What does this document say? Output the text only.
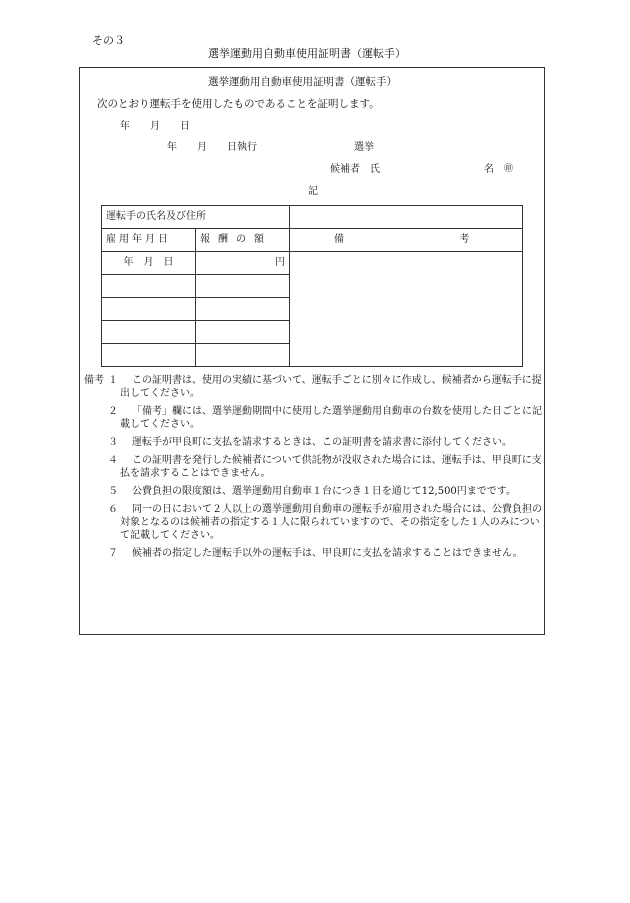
その３
選挙運動用自動車使用証明書（運転手）
選挙運動用自動車使用証明書（運転手）
次のとおり運転手を使用したものであることを証明します。
年　　月　　日
年　　月　　日執行	選挙
候補者　氏	名 ㊞
記
運転手の氏名及び住所		
雇用年月日	報酬の額	備 考
年　月　日	円	

備考 １	この証明書は、使用の実績に基づいて、運転手ごとに別々に作成し、候補者から運転手に提出してください。
２	「備考」欄には、選挙運動期間中に使用した選挙運動用自動車の台数を使用した日ごとに記載してください。
３	運転手が甲良町に支払を請求するときは、この証明書を請求書に添付してください。
４	この証明書を発行した候補者について供託物が没収された場合には、運転手は、甲良町に支払を請求することはできません。
５	公費負担の限度額は、選挙運動用自動車１台につき１日を通じて12,500円までです。
６	同一の日において２人以上の選挙運動用自動車の運転手が雇用された場合には、公費負担の対象となるのは候補者の指定する１人に限られていますので、その指定をした１人のみについて記載してください。
７	候補者の指定した運転手以外の運転手は、甲良町に支払を請求することはできません。
